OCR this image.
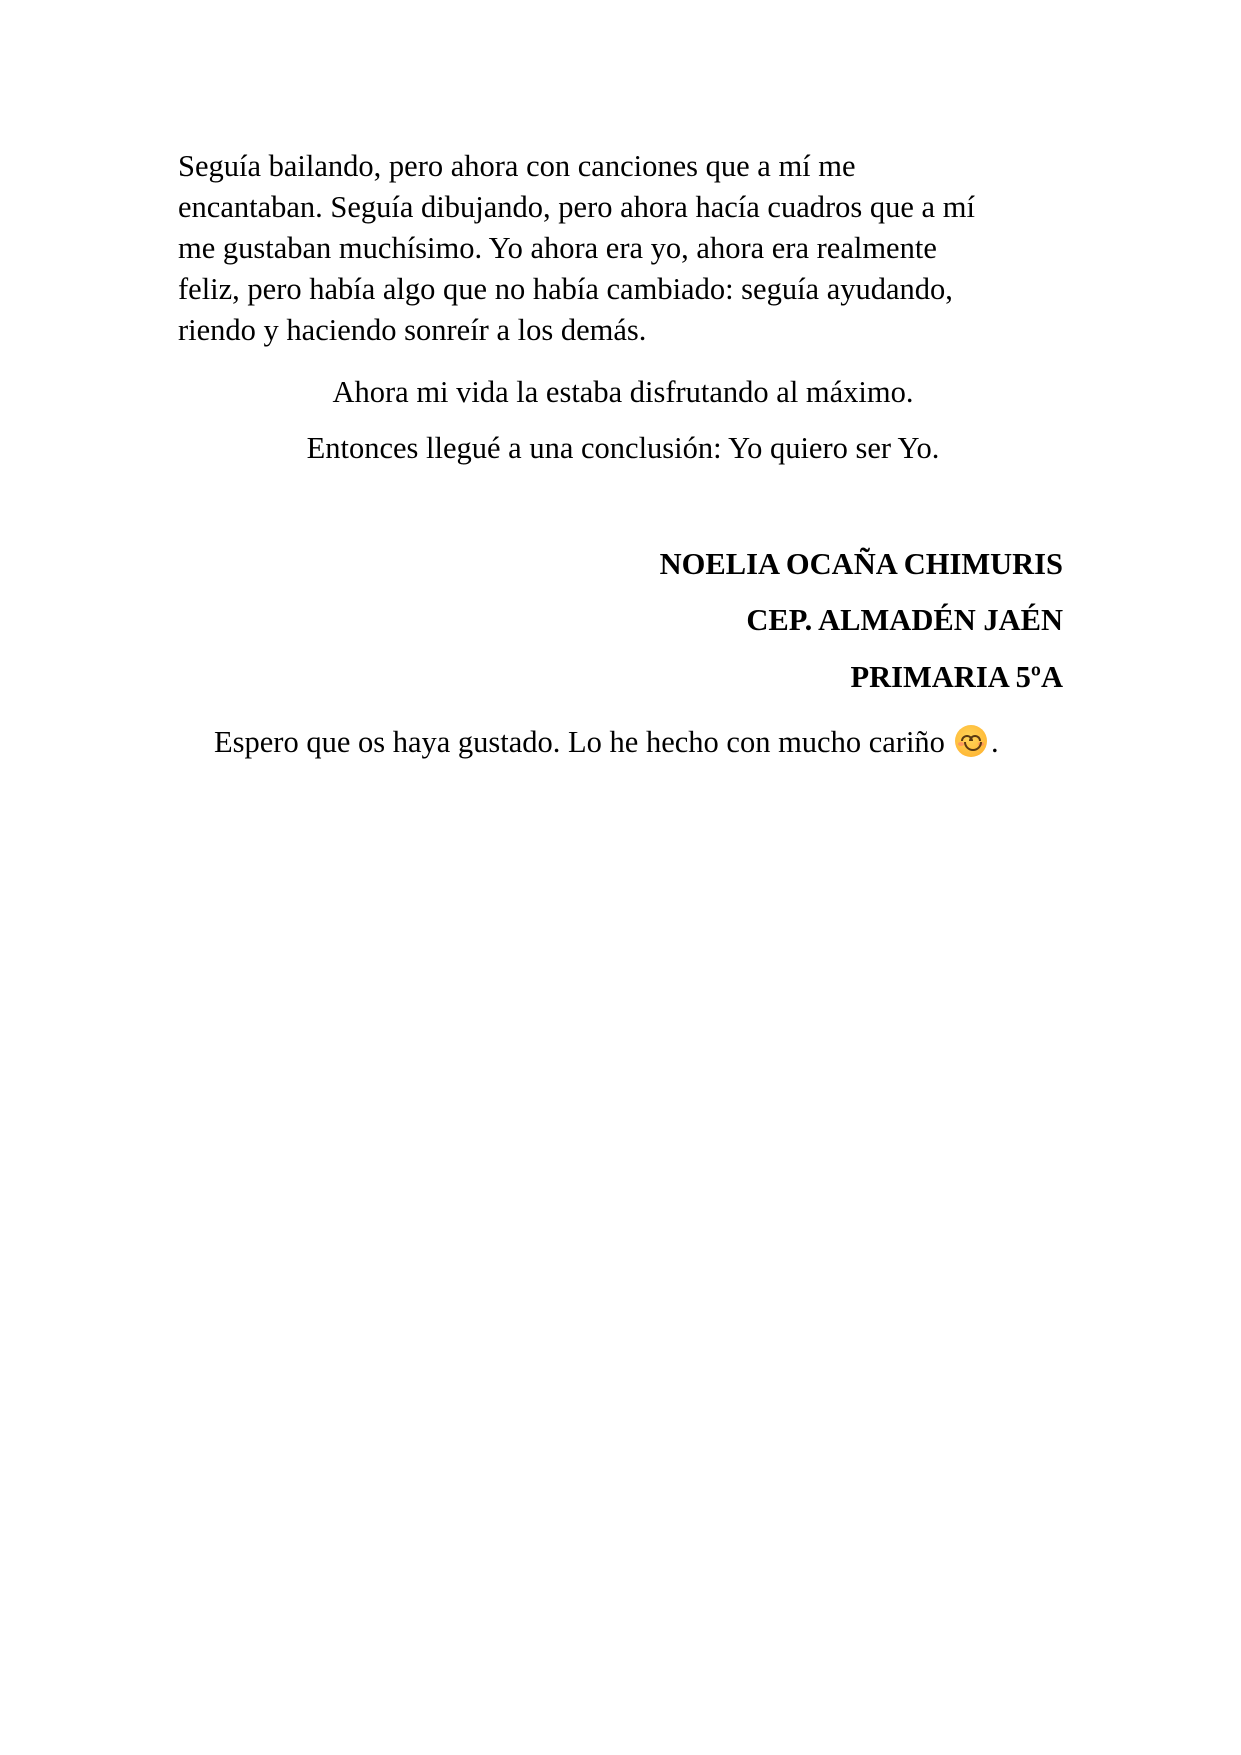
Seguía bailando, pero ahora con canciones que a mí me
encantaban. Seguía dibujando, pero ahora hacía cuadros que a mí
me gustaban muchísimo. Yo ahora era yo, ahora era realmente
feliz, pero había algo que no había cambiado: seguía ayudando,
riendo y haciendo sonreír a los demás.

Ahora mi vida la estaba disfrutando al máximo.

Entonces llegué a una conclusión: Yo quiero ser Yo.

NOELIA OCAÑA CHIMURIS

CEP. ALMADÉN JAÉN

PRIMARIA 5ºA

Espero que os haya gustado. Lo he hecho con mucho cariño .
